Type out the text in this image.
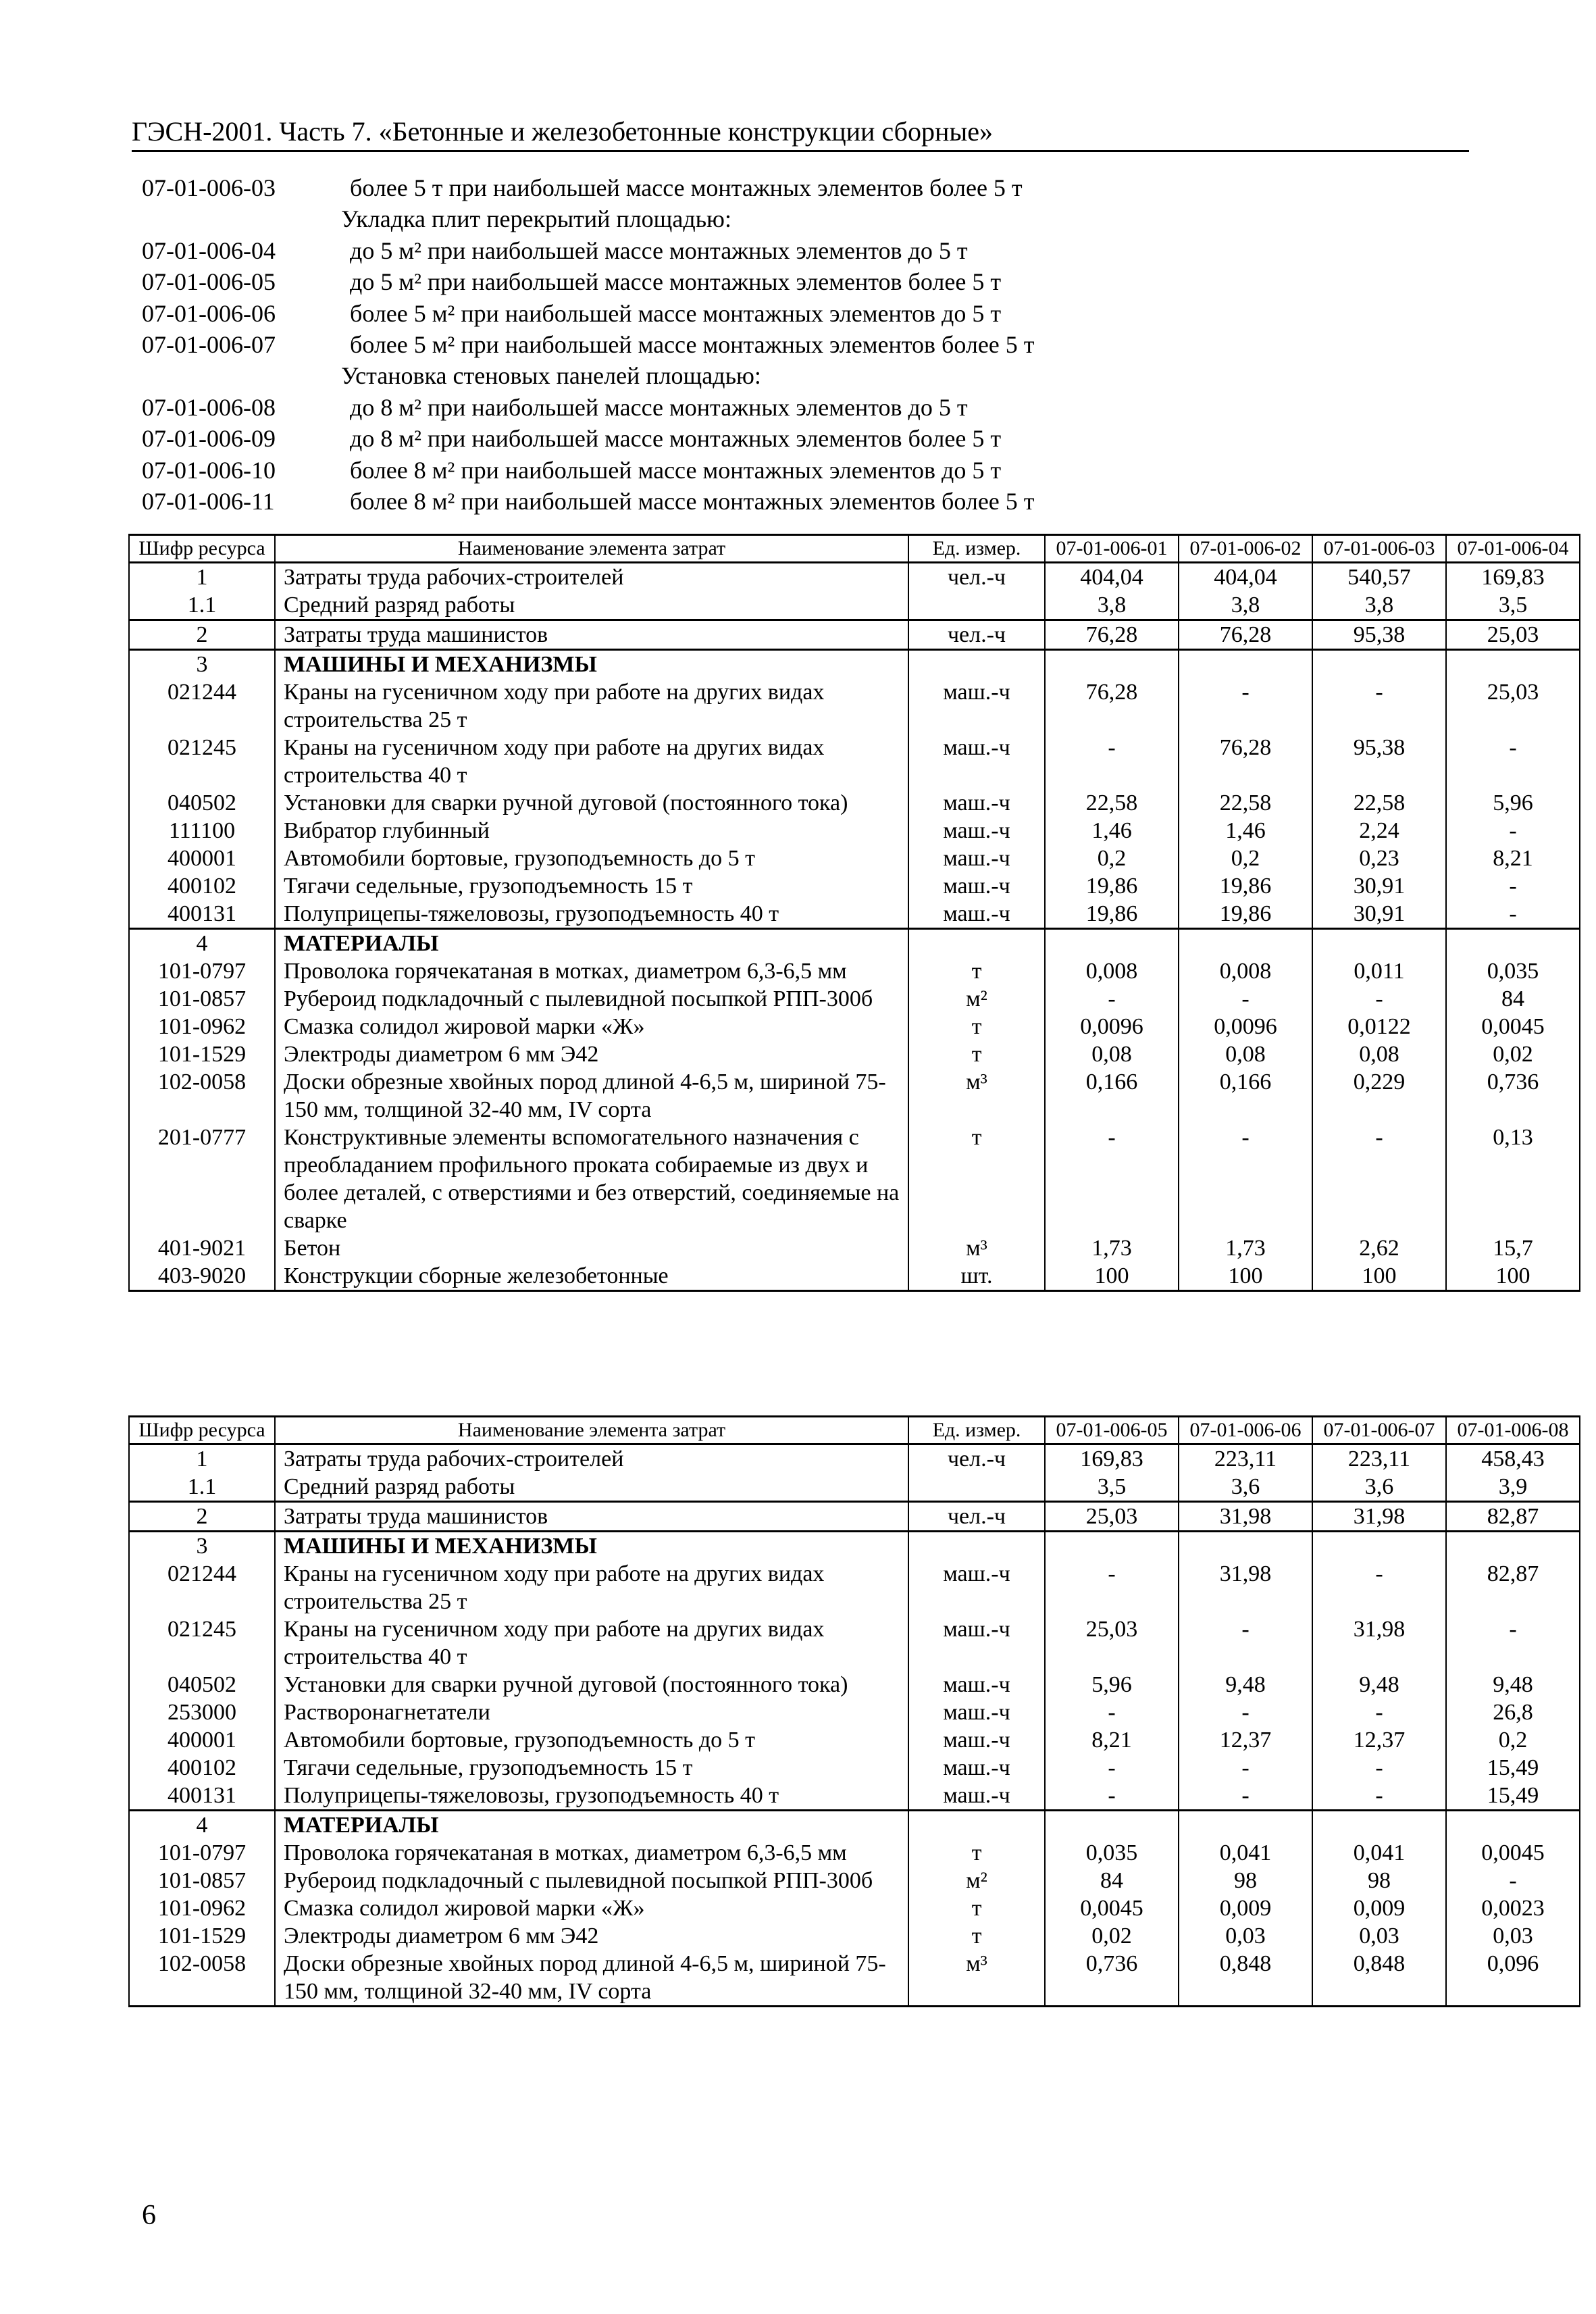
ГЭСН-2001. Часть 7. «Бетонные и железобетонные конструкции сборные»
07-01-006-03	более 5 т при наибольшей массе монтажных элементов более 5 т
Укладка плит перекрытий площадью:
07-01-006-04	до 5 м² при наибольшей массе монтажных элементов до 5 т
07-01-006-05	до 5 м² при наибольшей массе монтажных элементов более 5 т
07-01-006-06	более 5 м² при наибольшей массе монтажных элементов до 5 т
07-01-006-07	более 5 м² при наибольшей массе монтажных элементов более 5 т
Установка стеновых панелей площадью:
07-01-006-08	до 8 м² при наибольшей массе монтажных элементов до 5 т
07-01-006-09	до 8 м² при наибольшей массе монтажных элементов более 5 т
07-01-006-10	более 8 м² при наибольшей массе монтажных элементов до 5 т
07-01-006-11	более 8 м² при наибольшей массе монтажных элементов более 5 т
Шифр ресурса	Наименование элемента затрат	Ед. измер.	07-01-006-01	07-01-006-02	07-01-006-03	07-01-006-04
1	Затраты труда рабочих-строителей	чел.-ч	404,04	404,04	540,57	169,83
1.1	Средний разряд работы		3,8	3,8	3,8	3,5
2	Затраты труда машинистов	чел.-ч	76,28	76,28	95,38	25,03
3	МАШИНЫ И МЕХАНИЗМЫ					
021244	Краны на гусеничном ходу при работе на других видах строительства 25 т	маш.-ч	76,28	-	-	25,03
021245	Краны на гусеничном ходу при работе на других видах строительства 40 т	маш.-ч	-	76,28	95,38	-
040502	Установки для сварки ручной дуговой (постоянного тока)	маш.-ч	22,58	22,58	22,58	5,96
111100	Вибратор глубинный	маш.-ч	1,46	1,46	2,24	-
400001	Автомобили бортовые, грузоподъемность до 5 т	маш.-ч	0,2	0,2	0,23	8,21
400102	Тягачи седельные, грузоподъемность 15 т	маш.-ч	19,86	19,86	30,91	-
400131	Полуприцепы-тяжеловозы, грузоподъемность 40 т	маш.-ч	19,86	19,86	30,91	-
4	МАТЕРИАЛЫ					
101-0797	Проволока горячекатаная в мотках, диаметром 6,3-6,5 мм	т	0,008	0,008	0,011	0,035
101-0857	Рубероид подкладочный с пылевидной посыпкой РПП-300б	м²	-	-	-	84
101-0962	Смазка солидол жировой марки «Ж»	т	0,0096	0,0096	0,0122	0,0045
101-1529	Электроды диаметром 6 мм Э42	т	0,08	0,08	0,08	0,02
102-0058	Доски обрезные хвойных пород длиной 4-6,5 м, шириной 75-150 мм, толщиной 32-40 мм, IV сорта	м³	0,166	0,166	0,229	0,736
201-0777	Конструктивные элементы вспомогательного назначения с преобладанием профильного проката собираемые из двух и более деталей, с отверстиями и без отверстий, соединяемые на сварке	т	-	-	-	0,13
401-9021	Бетон	м³	1,73	1,73	2,62	15,7
403-9020	Конструкции сборные железобетонные	шт.	100	100	100	100
Шифр ресурса	Наименование элемента затрат	Ед. измер.	07-01-006-05	07-01-006-06	07-01-006-07	07-01-006-08
1	Затраты труда рабочих-строителей	чел.-ч	169,83	223,11	223,11	458,43
1.1	Средний разряд работы		3,5	3,6	3,6	3,9
2	Затраты труда машинистов	чел.-ч	25,03	31,98	31,98	82,87
3	МАШИНЫ И МЕХАНИЗМЫ					
021244	Краны на гусеничном ходу при работе на других видах строительства 25 т	маш.-ч	-	31,98	-	82,87
021245	Краны на гусеничном ходу при работе на других видах строительства 40 т	маш.-ч	25,03	-	31,98	-
040502	Установки для сварки ручной дуговой (постоянного тока)	маш.-ч	5,96	9,48	9,48	9,48
253000	Растворонагнетатели	маш.-ч	-	-	-	26,8
400001	Автомобили бортовые, грузоподъемность до 5 т	маш.-ч	8,21	12,37	12,37	0,2
400102	Тягачи седельные, грузоподъемность 15 т	маш.-ч	-	-	-	15,49
400131	Полуприцепы-тяжеловозы, грузоподъемность 40 т	маш.-ч	-	-	-	15,49
4	МАТЕРИАЛЫ					
101-0797	Проволока горячекатаная в мотках, диаметром 6,3-6,5 мм	т	0,035	0,041	0,041	0,0045
101-0857	Рубероид подкладочный с пылевидной посыпкой РПП-300б	м²	84	98	98	-
101-0962	Смазка солидол жировой марки «Ж»	т	0,0045	0,009	0,009	0,0023
101-1529	Электроды диаметром 6 мм Э42	т	0,02	0,03	0,03	0,03
102-0058	Доски обрезные хвойных пород длиной 4-6,5 м, шириной 75-150 мм, толщиной 32-40 мм, IV сорта	м³	0,736	0,848	0,848	0,096
6
